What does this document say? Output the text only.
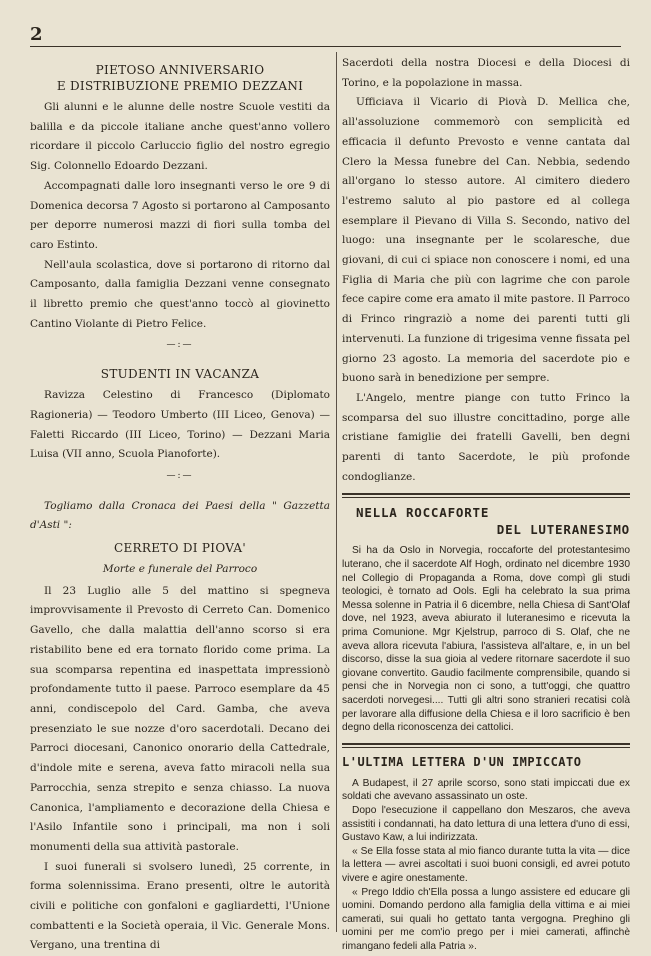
2
PIETOSO ANNIVERSARIO
E DISTRIBUZIONE PREMIO DEZZANI

Gli alunni e le alunne delle nostre Scuole vestiti da balilla e da piccole italiane anche quest'anno vollero ricordare il piccolo Carluccio figlio del nostro egregio Sig. Colonnello Edoardo Dezzani.

Accompagnati dalle loro insegnanti verso le ore 9 di Domenica decorsa 7 Agosto si portarono al Camposanto per deporre numerosi mazzi di fiori sulla tomba del caro Estinto.

Nell'aula scolastica, dove si portarono di ritorno dal Camposanto, dalla famiglia Dezzani venne consegnato il libretto premio che quest'anno toccò al giovinetto Cantino Violante di Pietro Felice.

—:—
STUDENTI IN VACANZA

Ravizza Celestino di Francesco (Diplomato Ragioneria) — Teodoro Umberto (III Liceo, Genova) — Faletti Riccardo (III Liceo, Torino) — Dezzani Maria Luisa (VII anno, Scuola Pianoforte).

—:—
Togliamo dalla Cronaca dei Paesi della " Gazzetta d'Asti ":
CERRETO DI PIOVA'
Morte e funerale del Parroco

Il 23 Luglio alle 5 del mattino si spegneva improvvisamente il Prevosto di Cerreto Can. Domenico Gavello, che dalla malattia dell'anno scorso si era ristabilito bene ed era tornato florido come prima. La sua scomparsa repentina ed inaspettata impressionò profondamente tutto il paese. Parroco esemplare da 45 anni, condiscepolo del Card. Gamba, che aveva presenziato le sue nozze d'oro sacerdotali. Decano dei Parroci diocesani, Canonico onorario della Cattedrale, d'indole mite e serena, aveva fatto miracoli nella sua Parrocchia, senza strepito e senza chiasso. La nuova Canonica, l'ampliamento e decorazione della Chiesa e l'Asilo Infantile sono i principali, ma non i soli monumenti della sua attività pastorale.

I suoi funerali si svolsero lunedì, 25 corrente, in forma solennissima. Erano presenti, oltre le autorità civili e politiche con gonfaloni e gagliardetti, l'Unione combattenti e la Società operaia, il Vic. Generale Mons. Vergano, una trentina di

Sacerdoti della nostra Diocesi e della Diocesi di Torino, e la popolazione in massa.

Ufficiava il Vicario di Piovà D. Mellica che, all'assoluzione commemorò con semplicità ed efficacia il defunto Prevosto e venne cantata dal Clero la Messa funebre del Can. Nebbia, sedendo all'organo lo stesso autore. Al cimitero diedero l'estremo saluto al pio pastore ed al collega esemplare il Pievano di Villa S. Secondo, nativo del luogo: una insegnante per le scolaresche, due giovani, di cui ci spiace non conoscere i nomi, ed una Figlia di Maria che più con lagrime che con parole fece capire come era amato il mite pastore. Il Parroco di Frinco ringraziò a nome dei parenti tutti gli intervenuti. La funzione di trigesima venne fissata pel giorno 23 agosto. La memoria del sacerdote pio e buono sarà in benedizione per sempre.

L'Angelo, mentre piange con tutto Frinco la scomparsa del suo illustre concittadino, porge alle cristiane famiglie dei fratelli Gavelli, ben degni parenti di tanto Sacerdote, le più profonde condoglianze.

NELLA ROCCAFORTE
DEL LUTERANESIMO

Si ha da Oslo in Norvegia, roccaforte del protestantesimo luterano, che il sacerdote Alf Hogh, ordinato nel dicembre 1930 nel Collegio di Propaganda a Roma, dove compì gli studi teologici, è tornato ad Ools. Egli ha celebrato la sua prima Messa solenne in Patria il 6 dicembre, nella Chiesa di Sant'Olaf dove, nel 1923, aveva abiurato il luteranesimo e ricevuta la prima Comunione. Mgr Kjelstrup, parroco di S. Olaf, che ne aveva allora ricevuta l'abiura, l'assisteva all'altare, e, in un bel discorso, disse la sua gioia al vedere ritornare sacerdote il suo giovane convertito. Gaudio facilmente comprensibile, quando si pensi che in Norvegia non ci sono, a tutt'oggi, che quattro sacerdoti norvegesi.... Tutti gli altri sono stranieri recatisi colà per lavorare alla diffusione della Chiesa e il loro sacrificio è ben degno della riconoscenza dei cattolici.

L'ULTIMA LETTERA D'UN IMPICCATO

A Budapest, il 27 aprile scorso, sono stati impiccati due ex soldati che avevano assassinato un oste.

Dopo l'esecuzione il cappellano don Meszaros, che aveva assistiti i condannati, ha dato lettura di una lettera d'uno di essi, Gustavo Kaw, a lui indirizzata.

« Se Ella fosse stata al mio fianco durante tutta la vita — dice la lettera — avrei ascoltati i suoi buoni consigli, ed avrei potuto vivere e agire onestamente.

« Prego Iddio ch'Ella possa a lungo assistere ed educare gli uomini. Domando perdono alla famiglia della vittima e ai miei camerati, sui quali ho gettato tanta vergogna. Preghino gli uomini per me com'io prego per i miei camerati, affinchè rimangano fedeli alla Patria ».
